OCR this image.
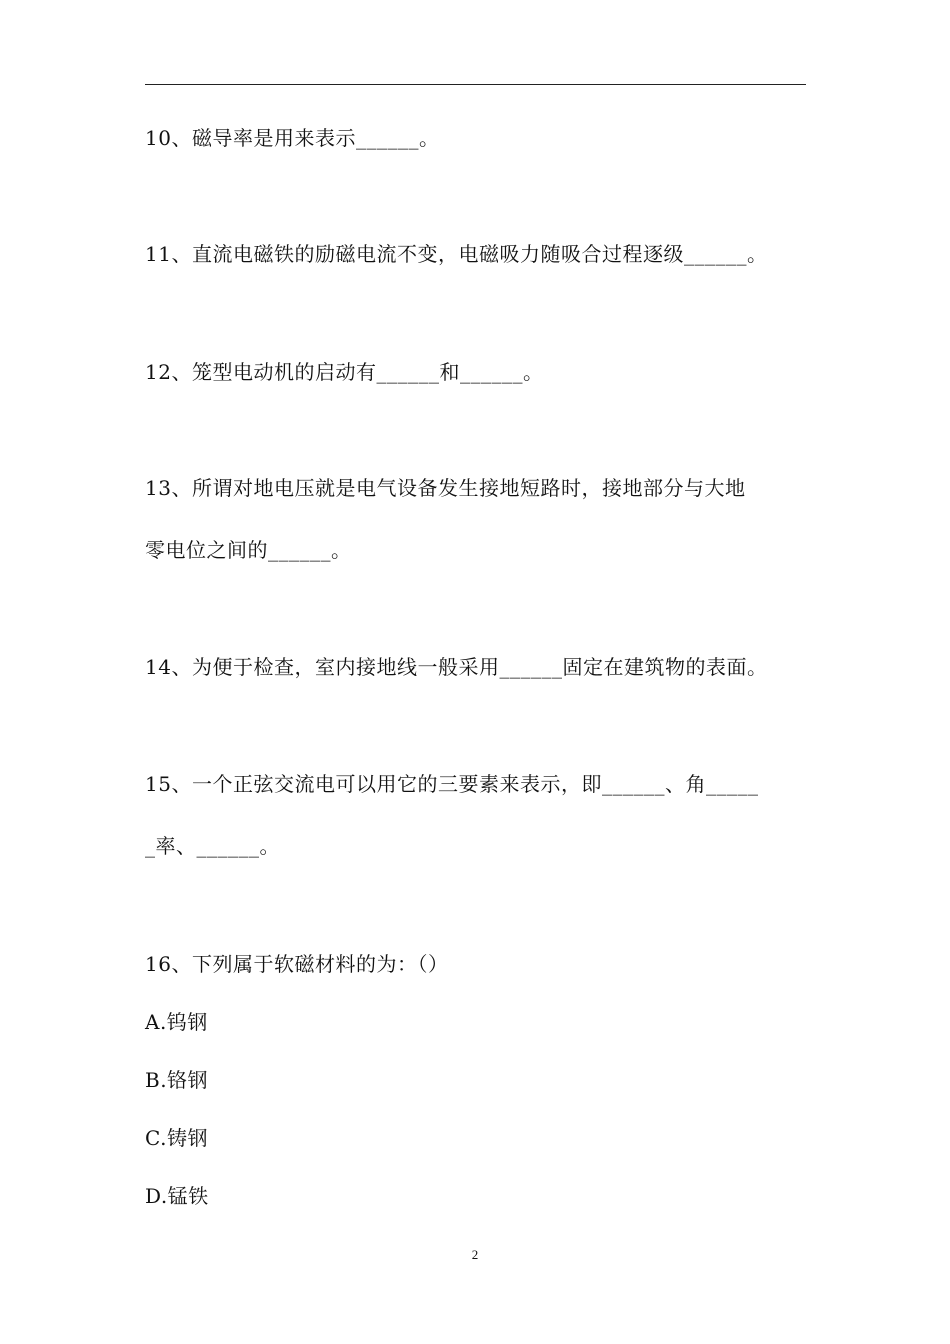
10、磁导率是用来表示______。
11、直流电磁铁的励磁电流不变，电磁吸力随吸合过程逐级______。
12、笼型电动机的启动有______和______。
13、所谓对地电压就是电气设备发生接地短路时，接地部分与大地
零电位之间的______。
14、为便于检查，室内接地线一般采用______固定在建筑物的表面。
15、一个正弦交流电可以用它的三要素来表示，即______、角_____
_率、______。
16、下列属于软磁材料的为：（）
A.钨钢
B.铬钢
C.铸钢
D.锰铁
2
